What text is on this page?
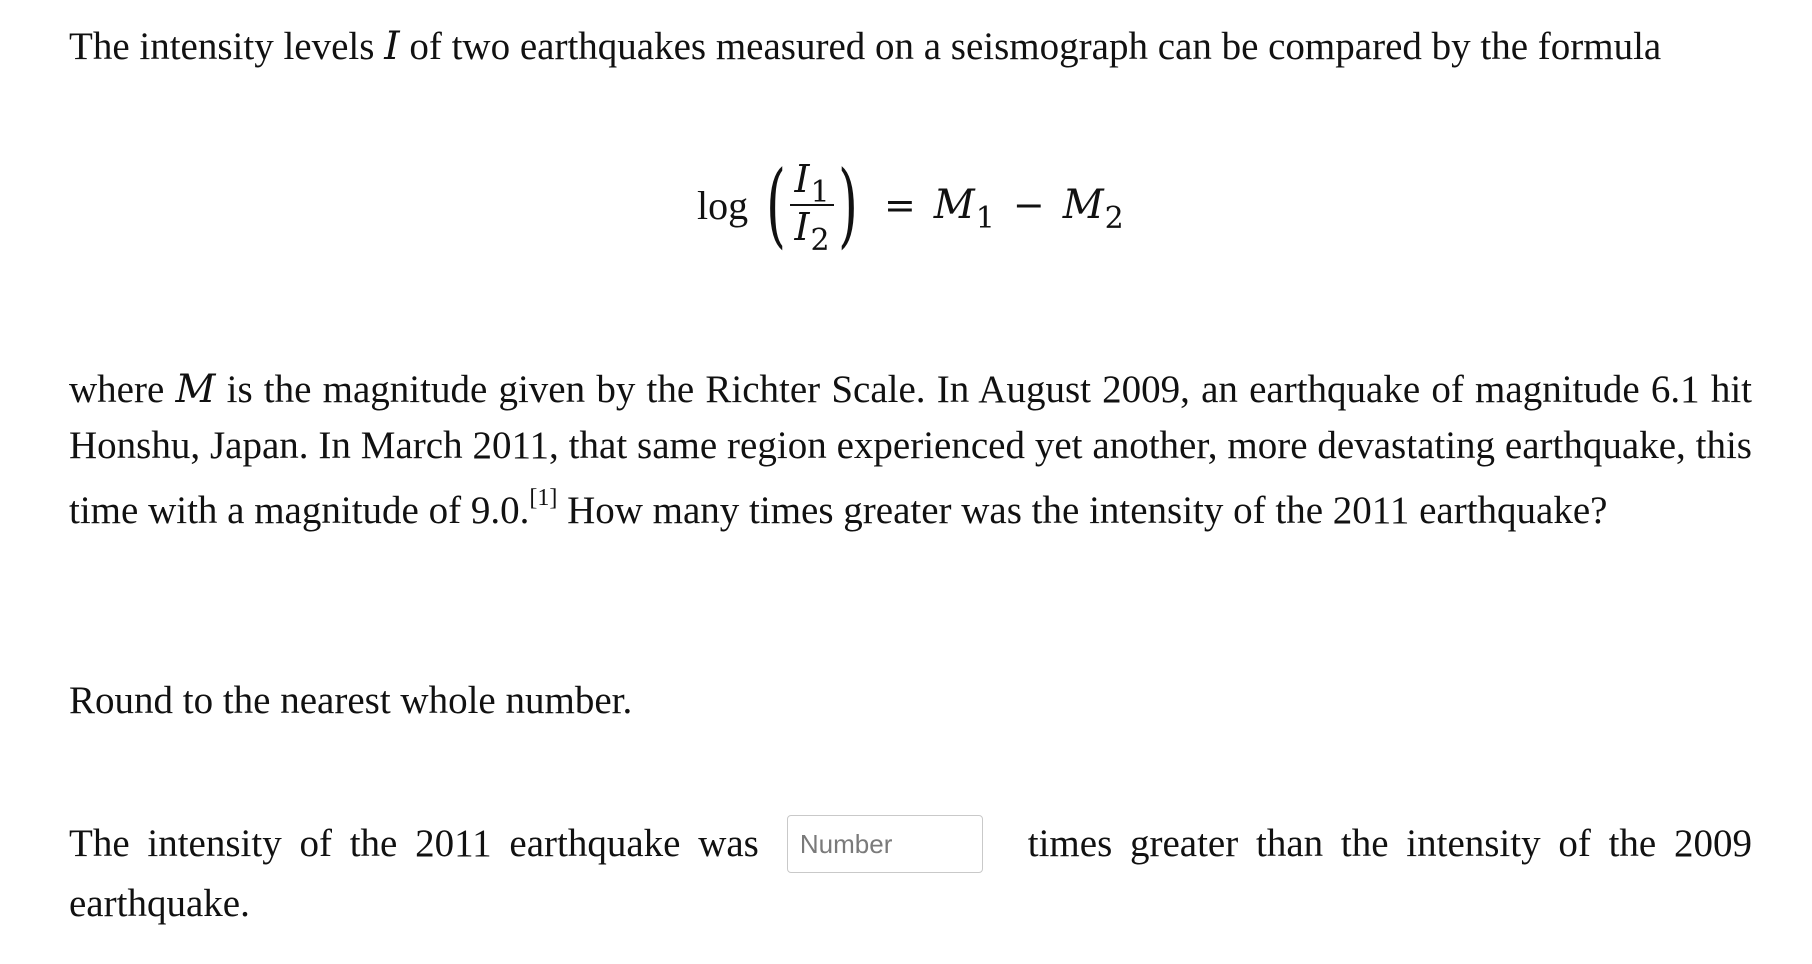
The intensity levels I of two earthquakes measured on a seismograph can be compared by the formula
log ( $\frac{I_1}{I_2}$ ) = $M_1 - M_2$
where M is the magnitude given by the Richter Scale. In August 2009, an earthquake of magnitude 6.1 hit Honshu, Japan. In March 2011, that same region experienced yet another, more devastating earthquake, this time with a magnitude of 9.0.[1] How many times greater was the intensity of the 2011 earthquake?
Round to the nearest whole number.
The intensity of the 2011 earthquake was
Number	times greater than the intensity of the 2009
earthquake.
